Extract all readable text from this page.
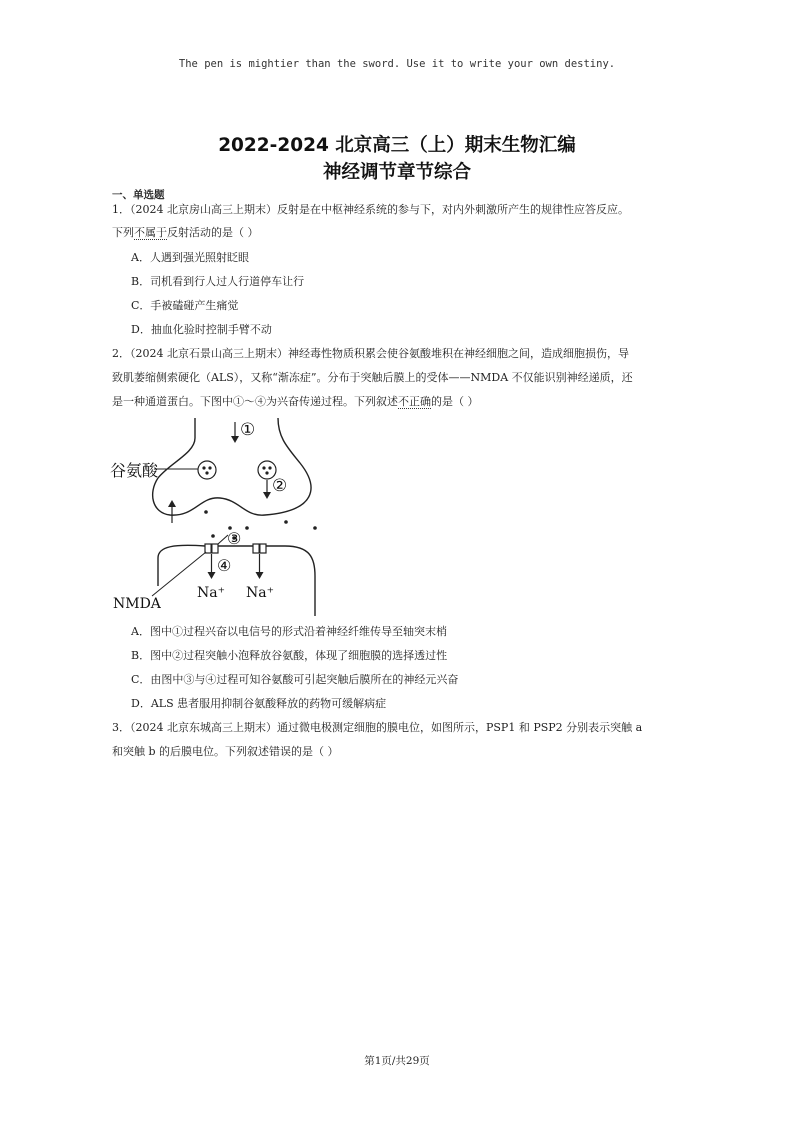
The pen is mightier than the sword. Use it to write your own destiny.
2022-2024 北京高三（上）期末生物汇编
神经调节章节综合
一、单选题
1．（2024 北京房山高三上期末）反射是在中枢神经系统的参与下，对内外刺激所产生的规律性应答反应。
下列不属于反射活动的是（ ）
A．人遇到强光照射眨眼
B．司机看到行人过人行道停车让行
C．手被磕碰产生痛觉
D．抽血化验时控制手臂不动
2．（2024 北京石景山高三上期末）神经毒性物质积累会使谷氨酸堆积在神经细胞之间，造成细胞损伤，导
致肌萎缩侧索硬化（ALS），又称“渐冻症”。分布于突触后膜上的受体——NMDA 不仅能识别神经递质，还
是一种通道蛋白。下图中①～④为兴奋传递过程。下列叙述不正确的是（ ）
①
谷氨酸
②
③
④
Na⁺ Na⁺
NMDA
A．图中①过程兴奋以电信号的形式沿着神经纤维传导至轴突末梢
B．图中②过程突触小泡释放谷氨酸，体现了细胞膜的选择透过性
C．由图中③与④过程可知谷氨酸可引起突触后膜所在的神经元兴奋
D．ALS 患者服用抑制谷氨酸释放的药物可缓解病症
3．（2024 北京东城高三上期末）通过微电极测定细胞的膜电位，如图所示，PSP1 和 PSP2 分别表示突触 a
和突触 b 的后膜电位。下列叙述错误的是（ ）
第1页/共29页
